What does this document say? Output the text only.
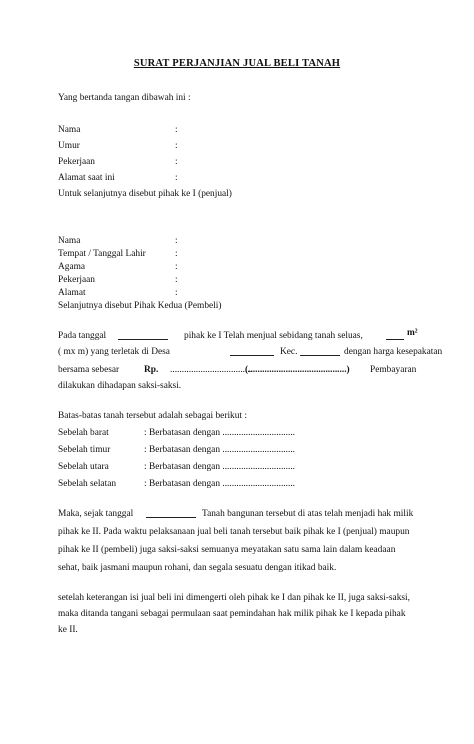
SURAT PERJANJIAN JUAL BELI TANAH
Yang bertanda tangan dibawah ini :
Nama	:
Umur	:
Pekerjaan	:
Alamat saat ini	:
Untuk selanjutnya disebut pihak ke I (penjual)
Nama	:
Tempat / Tanggal Lahir	:
Agama	:
Pekerjaan	:
Alamat	:
Selanjutnya disebut Pihak Kedua (Pembeli)
Pada tanggal	pihak ke I Telah menjual sebidang tanah seluas,	m²
( mx m) yang terletak di Desa	Kec.	dengan harga kesepakatan
bersama sebesar	Rp. ...................................
(..........................................) Pembayaran
dilakukan dihadapan saksi-saksi.
Batas-batas tanah tersebut adalah sebagai berikut :
Sebelah barat	: Berbatasan dengan ...............................
Sebelah timur	: Berbatasan dengan ...............................
Sebelah utara	: Berbatasan dengan ...............................
Sebelah selatan	: Berbatasan dengan ...............................
Maka, sejak tanggal	Tanah bangunan tersebut di atas telah menjadi hak milik
pihak ke II. Pada waktu pelaksanaan jual beli tanah tersebut baik pihak ke I (penjual) maupun
pihak ke II (pembeli) juga saksi-saksi semuanya meyatakan satu sama lain dalam keadaan
sehat, baik jasmani maupun rohani, dan segala sesuatu dengan itikad baik.
setelah keterangan isi jual beli ini dimengerti oleh pihak ke I dan pihak ke II, juga saksi-saksi,
maka ditanda tangani sebagai permulaan saat pemindahan hak milik pihak ke I kepada pihak
ke II.
